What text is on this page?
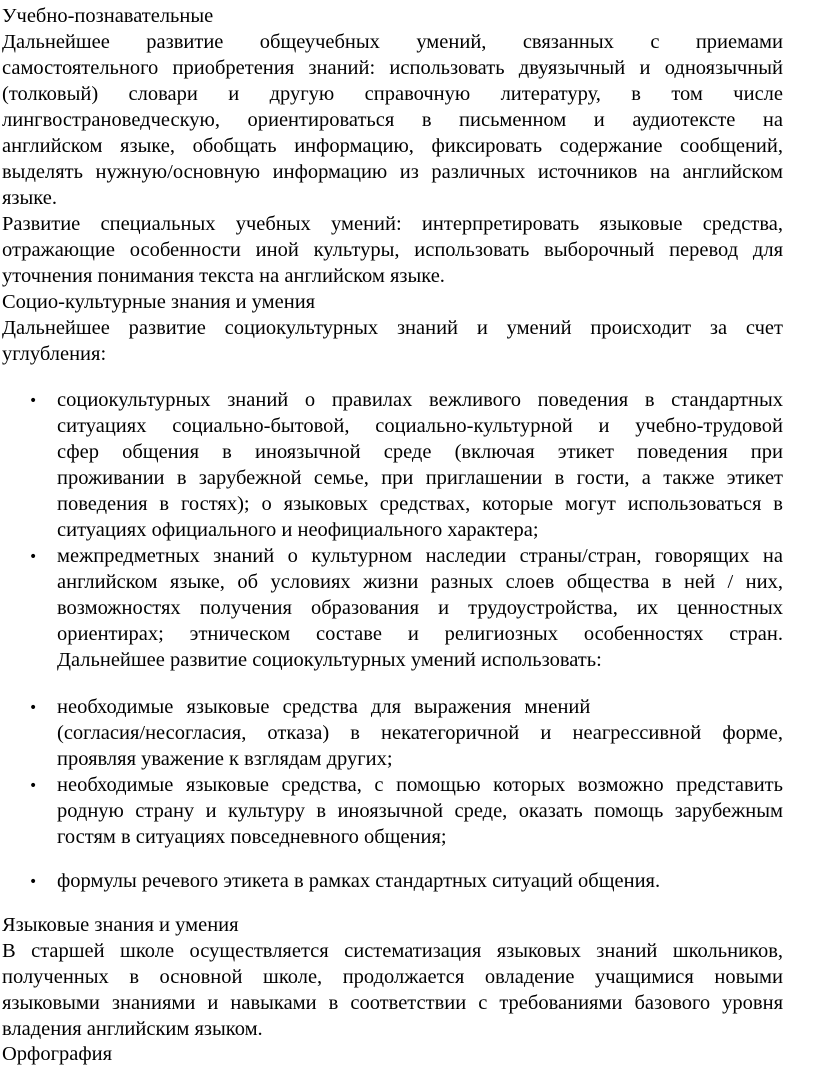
Учебно-познавательные
Дальнейшее развитие общеучебных умений, связанных с приемами
самостоятельного приобретения знаний: использовать двуязычный и одноязычный
(толковый) словари и другую справочную литературу, в том числе
лингвострановедческую, ориентироваться в письменном и аудиотексте на
английском языке, обобщать информацию, фиксировать содержание сообщений,
выделять нужную/основную информацию из различных источников на английском
языке.
Развитие специальных учебных умений: интерпретировать языковые средства,
отражающие особенности иной культуры, использовать выборочный перевод для
уточнения понимания текста на английском языке.
Социо-культурные знания и умения
Дальнейшее развитие социокультурных знаний и умений происходит за счет
углубления:
• социокультурных знаний о правилах вежливого поведения в стандартных
ситуациях социально-бытовой, социально-культурной и учебно-трудовой
сфер общения в иноязычной среде (включая этикет поведения при
проживании в зарубежной семье, при приглашении в гости, а также этикет
поведения в гостях); о языковых средствах, которые могут использоваться в
ситуациях официального и неофициального характера;
• межпредметных знаний о культурном наследии страны/стран, говорящих на
английском языке, об условиях жизни разных слоев общества в ней / них,
возможностях получения образования и трудоустройства, их ценностных
ориентирах; этническом составе и религиозных особенностях стран.
Дальнейшее развитие социокультурных умений использовать:
• необходимые языковые средства для выражения мнений
(согласия/несогласия, отказа) в некатегоричной и неагрессивной форме,
проявляя уважение к взглядам других;
• необходимые языковые средства, с помощью которых возможно представить
родную страну и культуру в иноязычной среде, оказать помощь зарубежным
гостям в ситуациях повседневного общения;
• формулы речевого этикета в рамках стандартных ситуаций общения.
Языковые знания и умения
В старшей школе осуществляется систематизация языковых знаний школьников,
полученных в основной школе, продолжается овладение учащимися новыми
языковыми знаниями и навыками в соответствии с требованиями базового уровня
владения английским языком.
Орфография
